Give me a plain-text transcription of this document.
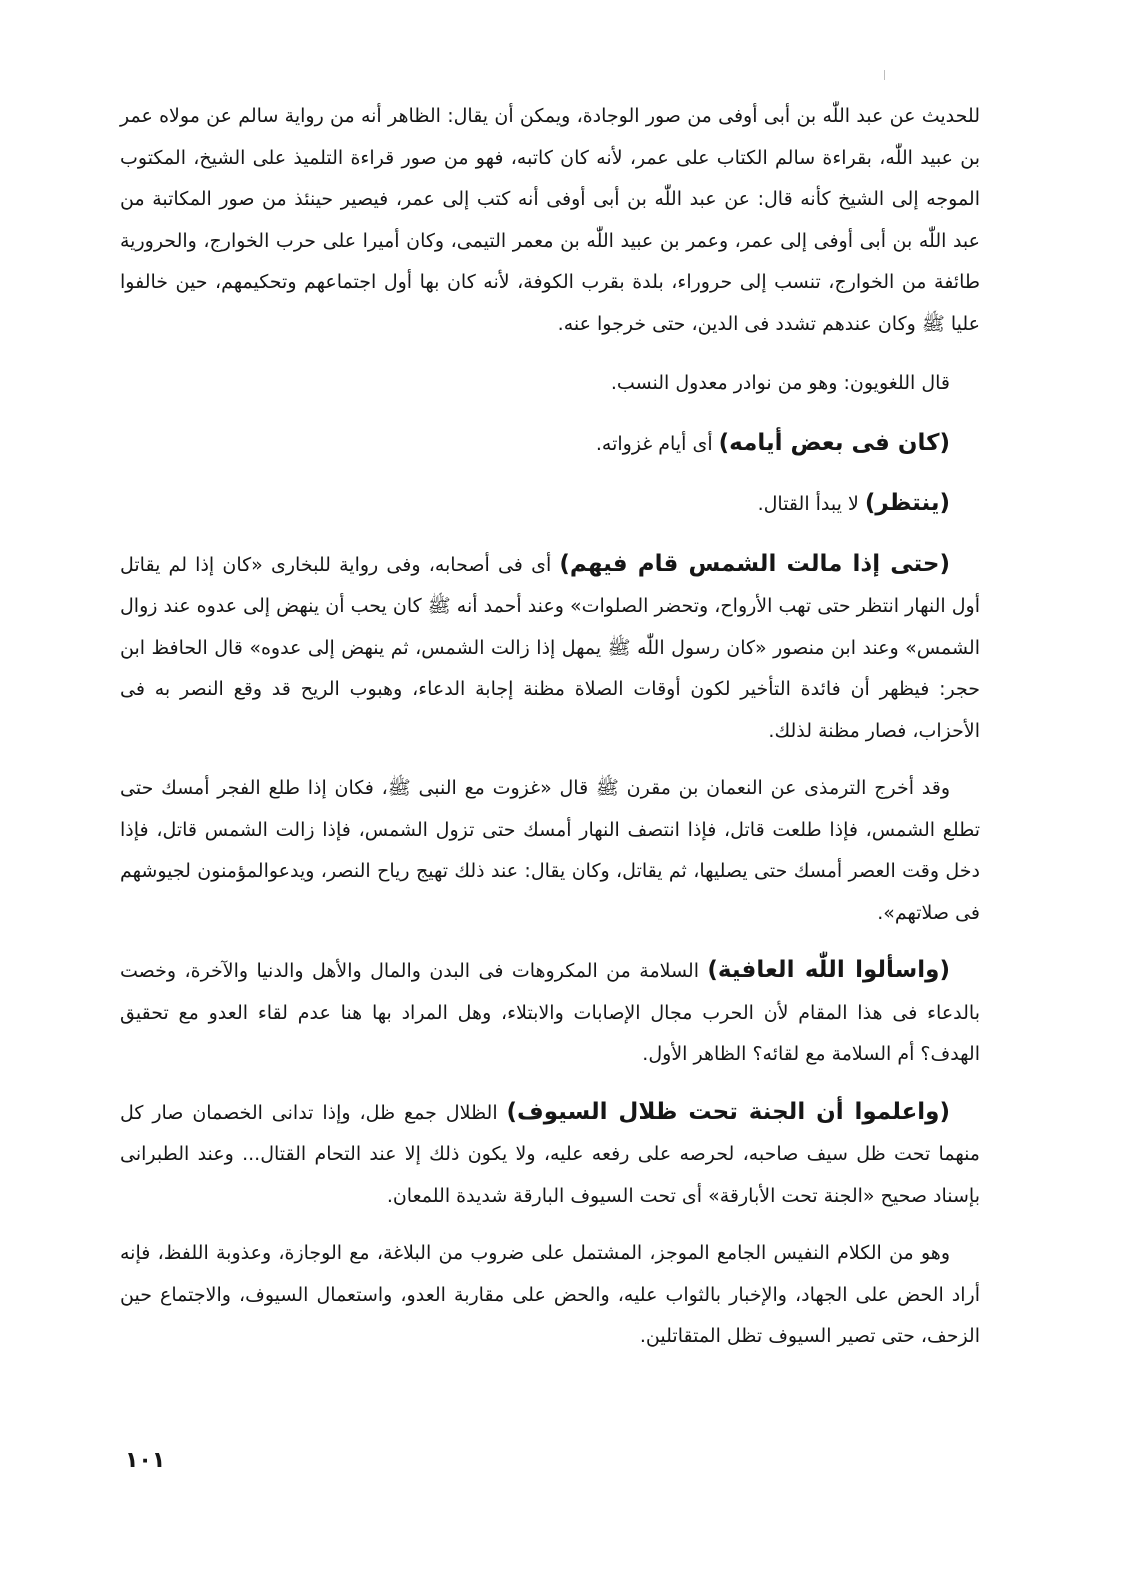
للحديث عن عبد اللّٰه بن أبى أوفى من صور الوجادة، ويمكن أن يقال: الظاهر أنه من رواية سالم عن مولاه عمر بن عبيد اللّٰه، بقراءة سالم الكتاب على عمر، لأنه كان كاتبه، فهو من صور قراءة التلميذ على الشيخ، المكتوب الموجه إلى الشيخ كأنه قال: عن عبد اللّٰه بن أبى أوفى أنه كتب إلى عمر، فيصير حينئذ من صور المكاتبة من عبد اللّٰه بن أبى أوفى إلى عمر، وعمر بن عبيد اللّٰه بن معمر التيمى، وكان أميرا على حرب الخوارج، والحرورية طائفة من الخوارج، تنسب إلى حروراء، بلدة بقرب الكوفة، لأنه كان بها أول اجتماعهم وتحكيمهم، حين خالفوا عليا ﷺ وكان عندهم تشدد فى الدين، حتى خرجوا عنه.

قال اللغويون: وهو من نوادر معدول النسب.

(كان فى بعض أيامه) أى أيام غزواته.

(ينتظر) لا يبدأ القتال.

(حتى إذا مالت الشمس قام فيهم) أى فى أصحابه، وفى رواية للبخارى «كان إذا لم يقاتل أول النهار انتظر حتى تهب الأرواح، وتحضر الصلوات» وعند أحمد أنه ﷺ كان يحب أن ينهض إلى عدوه عند زوال الشمس» وعند ابن منصور «كان رسول اللّٰه ﷺ يمهل إذا زالت الشمس، ثم ينهض إلى عدوه» قال الحافظ ابن حجر: فيظهر أن فائدة التأخير لكون أوقات الصلاة مظنة إجابة الدعاء، وهبوب الريح قد وقع النصر به فى الأحزاب، فصار مظنة لذلك.

وقد أخرج الترمذى عن النعمان بن مقرن ﷺ قال «غزوت مع النبى ﷺ، فكان إذا طلع الفجر أمسك حتى تطلع الشمس، فإذا طلعت قاتل، فإذا انتصف النهار أمسك حتى تزول الشمس، فإذا زالت الشمس قاتل، فإذا دخل وقت العصر أمسك حتى يصليها، ثم يقاتل، وكان يقال: عند ذلك تهيج رياح النصر، ويدعوالمؤمنون لجيوشهم فى صلاتهم».

(واسألوا اللّٰه العافية) السلامة من المكروهات فى البدن والمال والأهل والدنيا والآخرة، وخصت بالدعاء فى هذا المقام لأن الحرب مجال الإصابات والابتلاء، وهل المراد بها هنا عدم لقاء العدو مع تحقيق الهدف؟ أم السلامة مع لقائه؟ الظاهر الأول.

(واعلموا أن الجنة تحت ظلال السيوف) الظلال جمع ظل، وإذا تدانى الخصمان صار كل منهما تحت ظل سيف صاحبه، لحرصه على رفعه عليه، ولا يكون ذلك إلا عند التحام القتال... وعند الطبرانى بإسناد صحيح «الجنة تحت الأبارقة» أى تحت السيوف البارقة شديدة اللمعان.

وهو من الكلام النفيس الجامع الموجز، المشتمل على ضروب من البلاغة، مع الوجازة، وعذوبة اللفظ، فإنه أراد الحض على الجهاد، والإخبار بالثواب عليه، والحض على مقاربة العدو، واستعمال السيوف، والاجتماع حين الزحف، حتى تصير السيوف تظل المتقاتلين.

١٠١
